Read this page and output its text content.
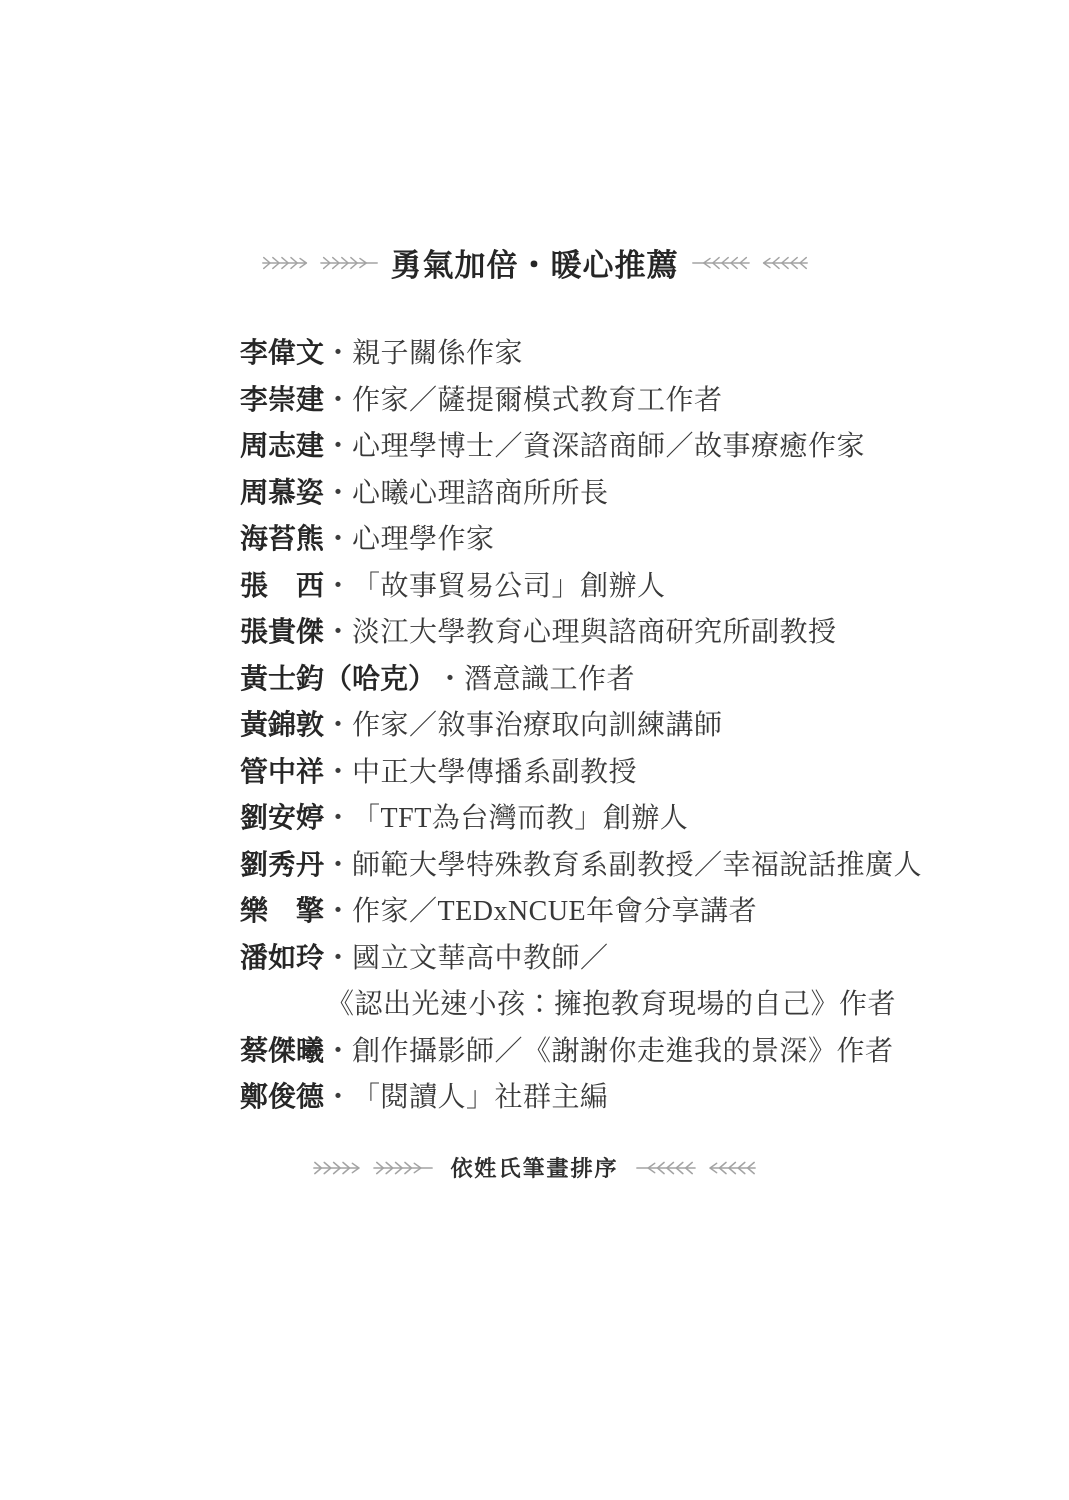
勇氣加倍・暖心推薦
李偉文 ・ 親子關係作家
李崇建 ・ 作家／薩提爾模式教育工作者
周志建 ・ 心理學博士／資深諮商師／故事療癒作家
周慕姿 ・ 心曦心理諮商所所長
海苔熊 ・ 心理學作家
張　西 ・ 「故事貿易公司」創辦人
張貴傑 ・ 淡江大學教育心理與諮商研究所副教授
黃士鈞（哈克） ・ 潛意識工作者
黃錦敦 ・ 作家／敘事治療取向訓練講師
管中祥 ・ 中正大學傳播系副教授
劉安婷 ・ 「TFT為台灣而教」創辦人
劉秀丹 ・ 師範大學特殊教育系副教授／幸福說話推廣人
樂　擎 ・ 作家／TEDxNCUE年會分享講者
潘如玲 ・ 國立文華高中教師／
《認出光速小孩：擁抱教育現場的自己》作者
蔡傑曦 ・ 創作攝影師／《謝謝你走進我的景深》作者
鄭俊德 ・ 「閱讀人」社群主編
依姓氏筆畫排序
